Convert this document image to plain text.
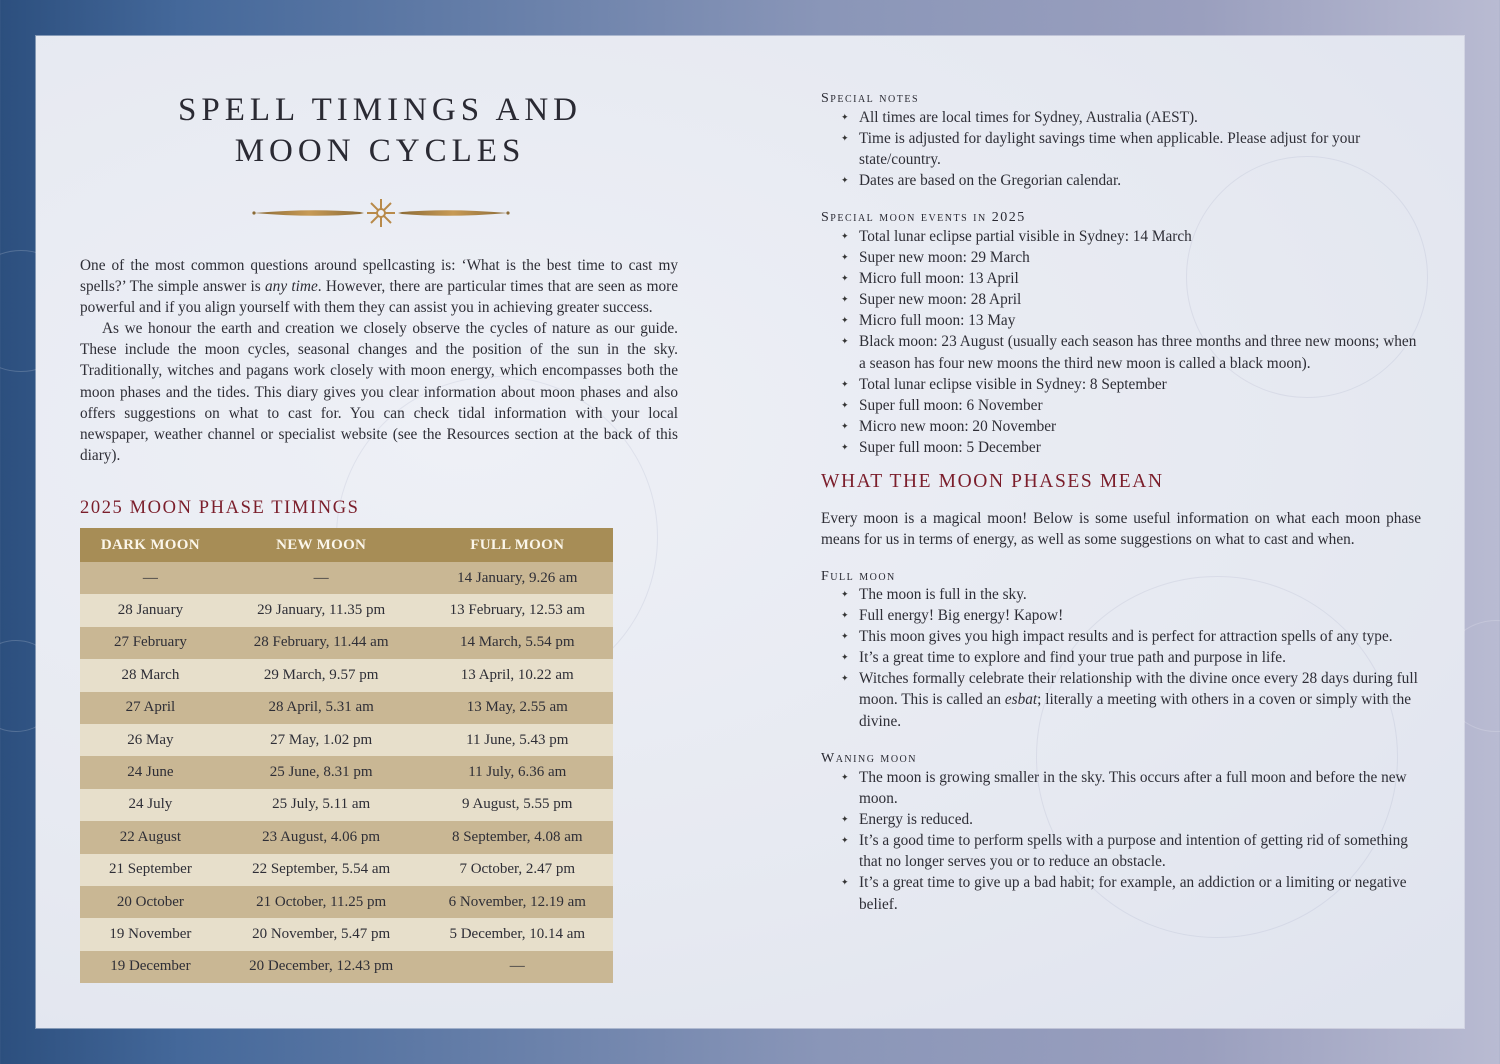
SPELL TIMINGS AND
MOON CYCLES

One of the most common questions around spellcasting is: ‘What is the best time to cast my spells?’ The simple answer is any time. However, there are particular times that are seen as more powerful and if you align yourself with them they can assist you in achieving greater success.

As we honour the earth and creation we closely observe the cycles of nature as our guide. These include the moon cycles, seasonal changes and the position of the sun in the sky. Traditionally, witches and pagans work closely with moon energy, which encompasses both the moon phases and the tides. This diary gives you clear information about moon phases and also offers suggestions on what to cast for. You can check tidal information with your local newspaper, weather channel or specialist website (see the Resources section at the back of this diary).

2025 MOON PHASE TIMINGS
DARK MOON	NEW MOON	FULL MOON
—	—	14 January, 9.26 am
28 January	29 January, 11.35 pm	13 February, 12.53 am
27 February	28 February, 11.44 am	14 March, 5.54 pm
28 March	29 March, 9.57 pm	13 April, 10.22 am
27 April	28 April, 5.31 am	13 May, 2.55 am
26 May	27 May, 1.02 pm	11 June, 5.43 pm
24 June	25 June, 8.31 pm	11 July, 6.36 am
24 July	25 July, 5.11 am	9 August, 5.55 pm
22 August	23 August, 4.06 pm	8 September, 4.08 am
21 September	22 September, 5.54 am	7 October, 2.47 pm
20 October	21 October, 11.25 pm	6 November, 12.19 am
19 November	20 November, 5.47 pm	5 December, 10.14 am
19 December	20 December, 12.43 pm	—
Special notes
✦ All times are local times for Sydney, Australia (AEST).
✦ Time is adjusted for daylight savings time when applicable. Please adjust for your state/country.
✦ Dates are based on the Gregorian calendar.
Special moon events in 2025
✦ Total lunar eclipse partial visible in Sydney: 14 March
✦ Super new moon: 29 March
✦ Micro full moon: 13 April
✦ Super new moon: 28 April
✦ Micro full moon: 13 May
✦ Black moon: 23 August (usually each season has three months and three new moons; when a season has four new moons the third new moon is called a black moon).
✦ Total lunar eclipse visible in Sydney: 8 September
✦ Super full moon: 6 November
✦ Micro new moon: 20 November
✦ Super full moon: 5 December
WHAT THE MOON PHASES MEAN

Every moon is a magical moon! Below is some useful information on what each moon phase means for us in terms of energy, as well as some suggestions on what to cast and when.

Full moon
✦ The moon is full in the sky.
✦ Full energy! Big energy! Kapow!
✦ This moon gives you high impact results and is perfect for attraction spells of any type.
✦ It’s a great time to explore and find your true path and purpose in life.
✦ Witches formally celebrate their relationship with the divine once every 28 days during full moon. This is called an esbat; literally a meeting with others in a coven or simply with the divine.
Waning moon
✦ The moon is growing smaller in the sky. This occurs after a full moon and before the new moon.
✦ Energy is reduced.
✦ It’s a good time to perform spells with a purpose and intention of getting rid of something that no longer serves you or to reduce an obstacle.
✦ It’s a great time to give up a bad habit; for example, an addiction or a limiting or negative belief.
